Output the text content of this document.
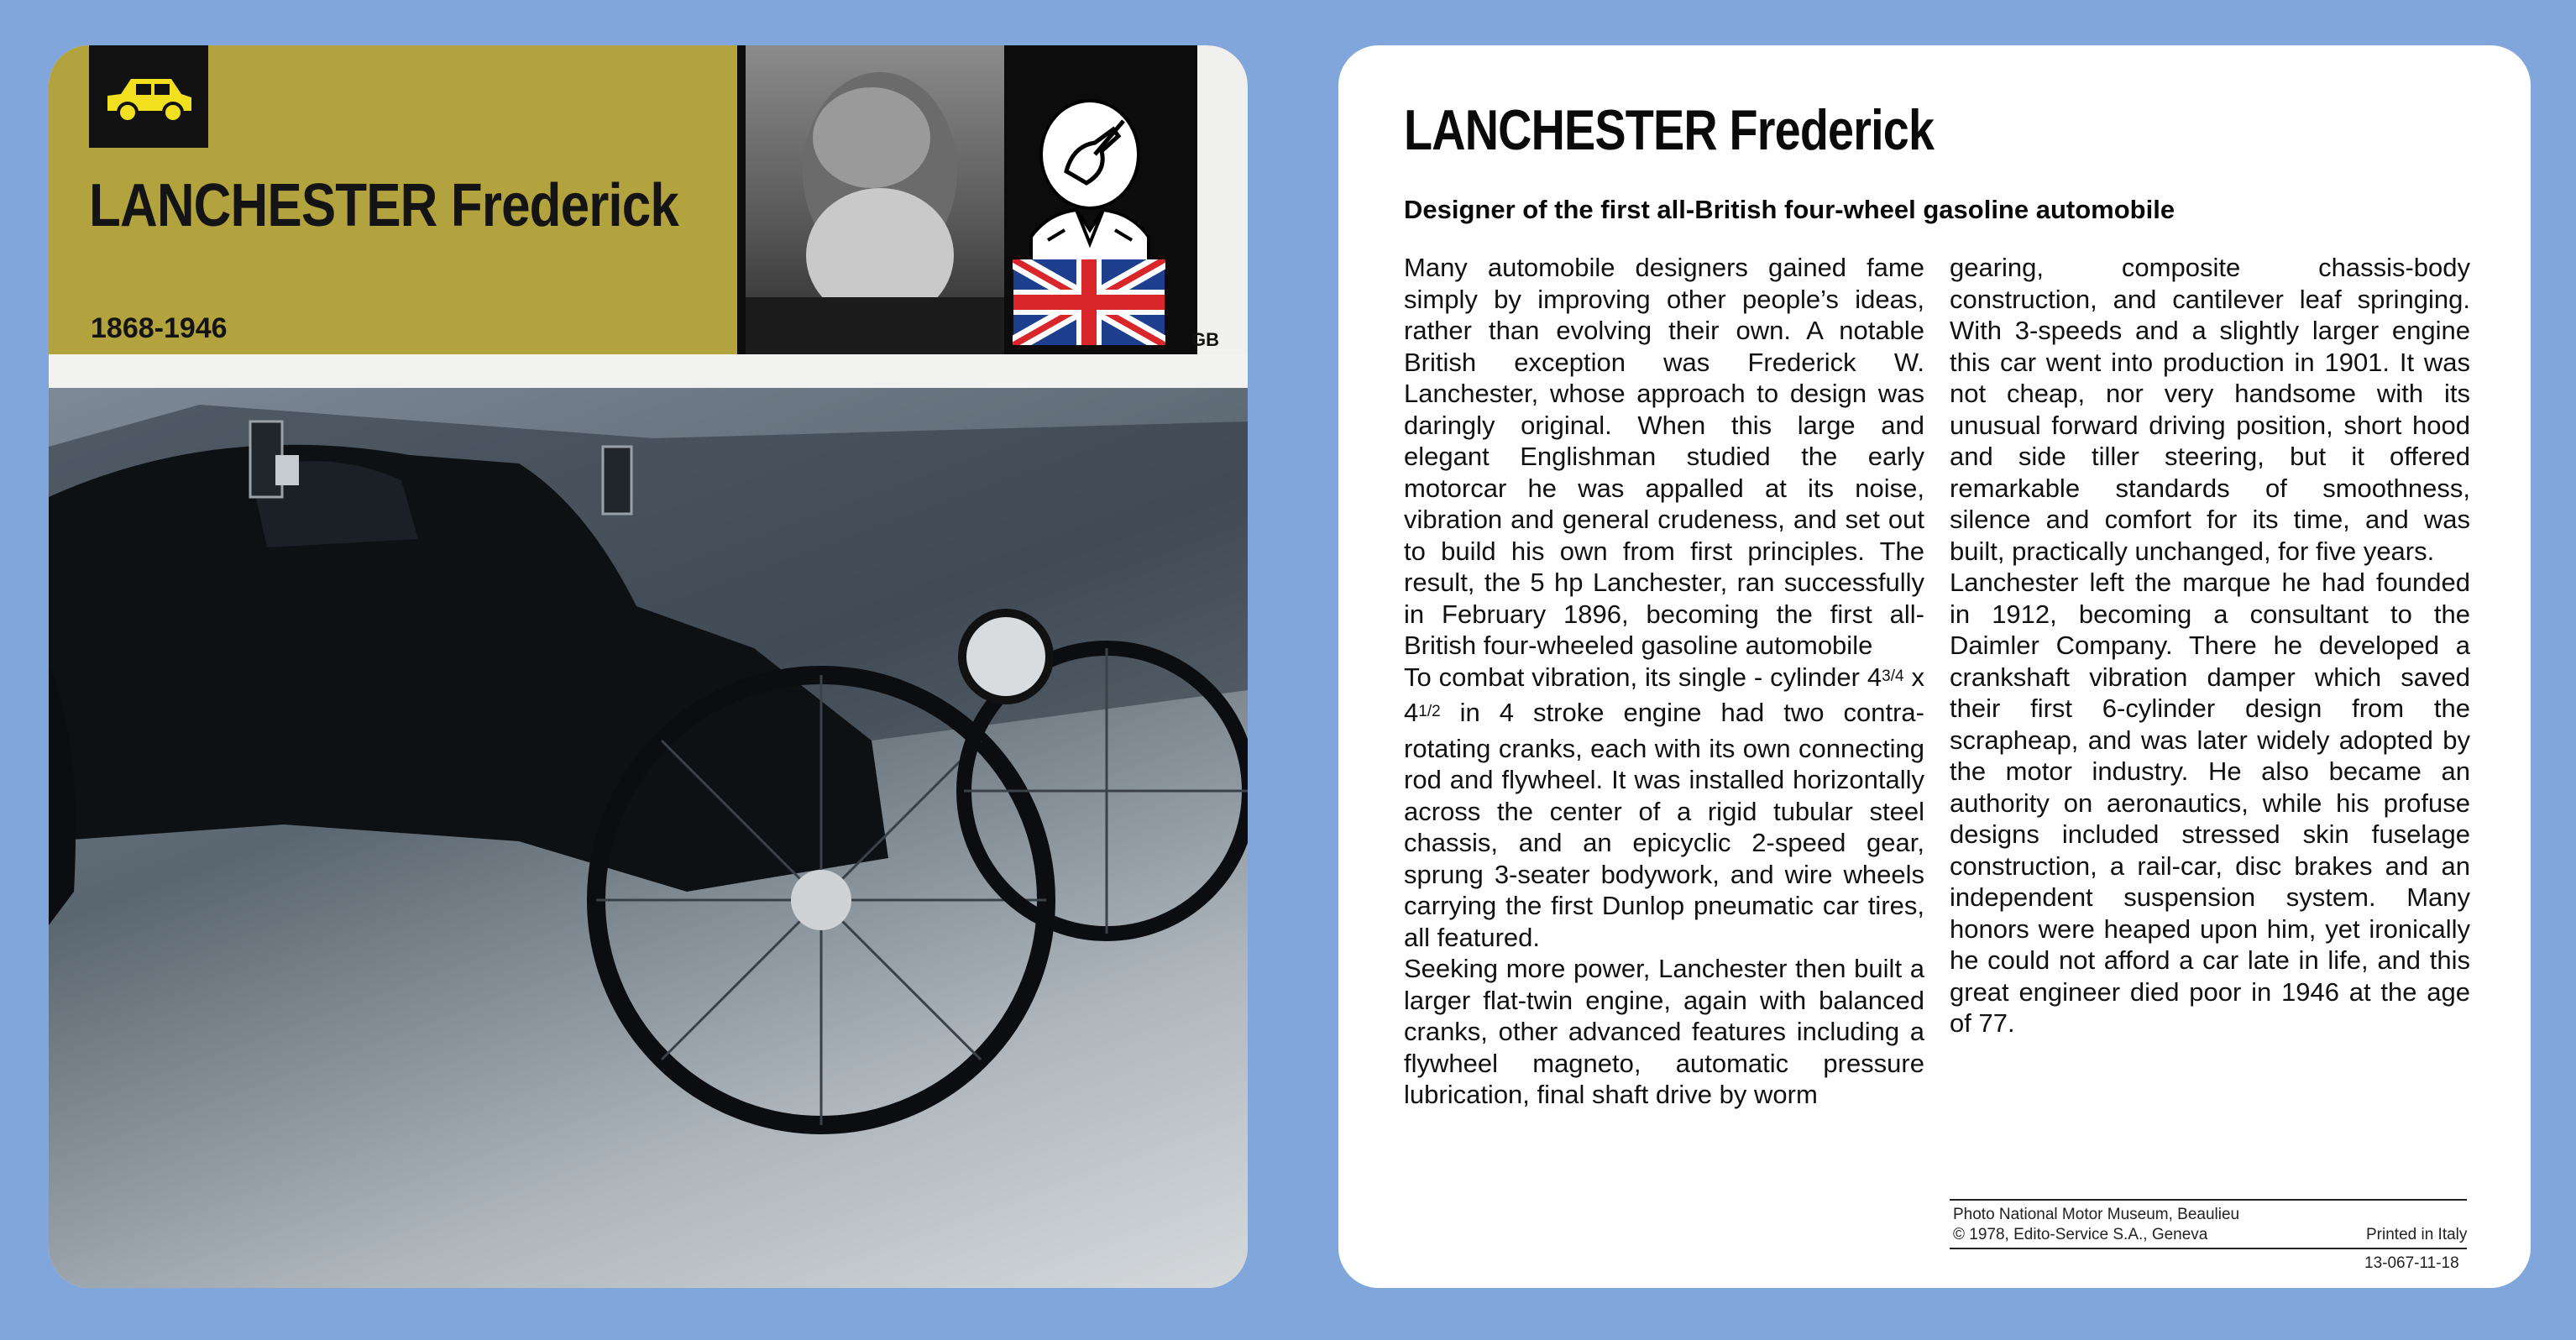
LANCHESTER Frederick
1868-1946	GB
LANCHESTER Frederick
Designer of the first all-British four-wheel gasoline automobile

Many automobile designers gained fame simply by improving other people’s ideas, rather than evolving their own. A notable British exception was Frederick W. Lanchester, whose approach to design was daringly original. When this large and elegant Englishman studied the early motorcar he was appalled at its noise, vibration and general crudeness, and set out to build his own from first principles. The result, the 5 hp Lanchester, ran successfully in February 1896, becoming the first all-British four-wheeled gasoline automobile

To combat vibration, its single - cylinder 43/4 x 41/2 in 4 stroke engine had two contra-rotating cranks, each with its own connecting rod and flywheel. It was installed horizontally across the center of a rigid tubular steel chassis, and an epicyclic 2-speed gear, sprung 3-seater bodywork, and wire wheels carrying the first Dunlop pneumatic car tires, all featured.

Seeking more power, Lanchester then built a larger flat-twin engine, again with balanced cranks, other advanced features including a flywheel magneto, automatic pressure lubrication, final shaft drive by worm

gearing, composite chassis-body construction, and cantilever leaf springing. With 3-speeds and a slightly larger engine this car went into production in 1901. It was not cheap, nor very handsome with its unusual forward driving position, short hood and side tiller steering, but it offered remarkable standards of smoothness, silence and comfort for its time, and was built, practically unchanged, for five years.

Lanchester left the marque he had founded in 1912, becoming a consultant to the Daimler Company. There he developed a crankshaft vibration damper which saved their first 6-cylinder design from the scrapheap, and was later widely adopted by the motor industry. He also became an authority on aeronautics, while his profuse designs included stressed skin fuselage construction, a rail-car, disc brakes and an independent suspension system. Many honors were heaped upon him, yet ironically he could not afford a car late in life, and this great engineer died poor in 1946 at the age of 77.

Photo National Motor Museum, Beaulieu
© 1978, Edito-Service S.A., Geneva	Printed in Italy
13-067-11-18
